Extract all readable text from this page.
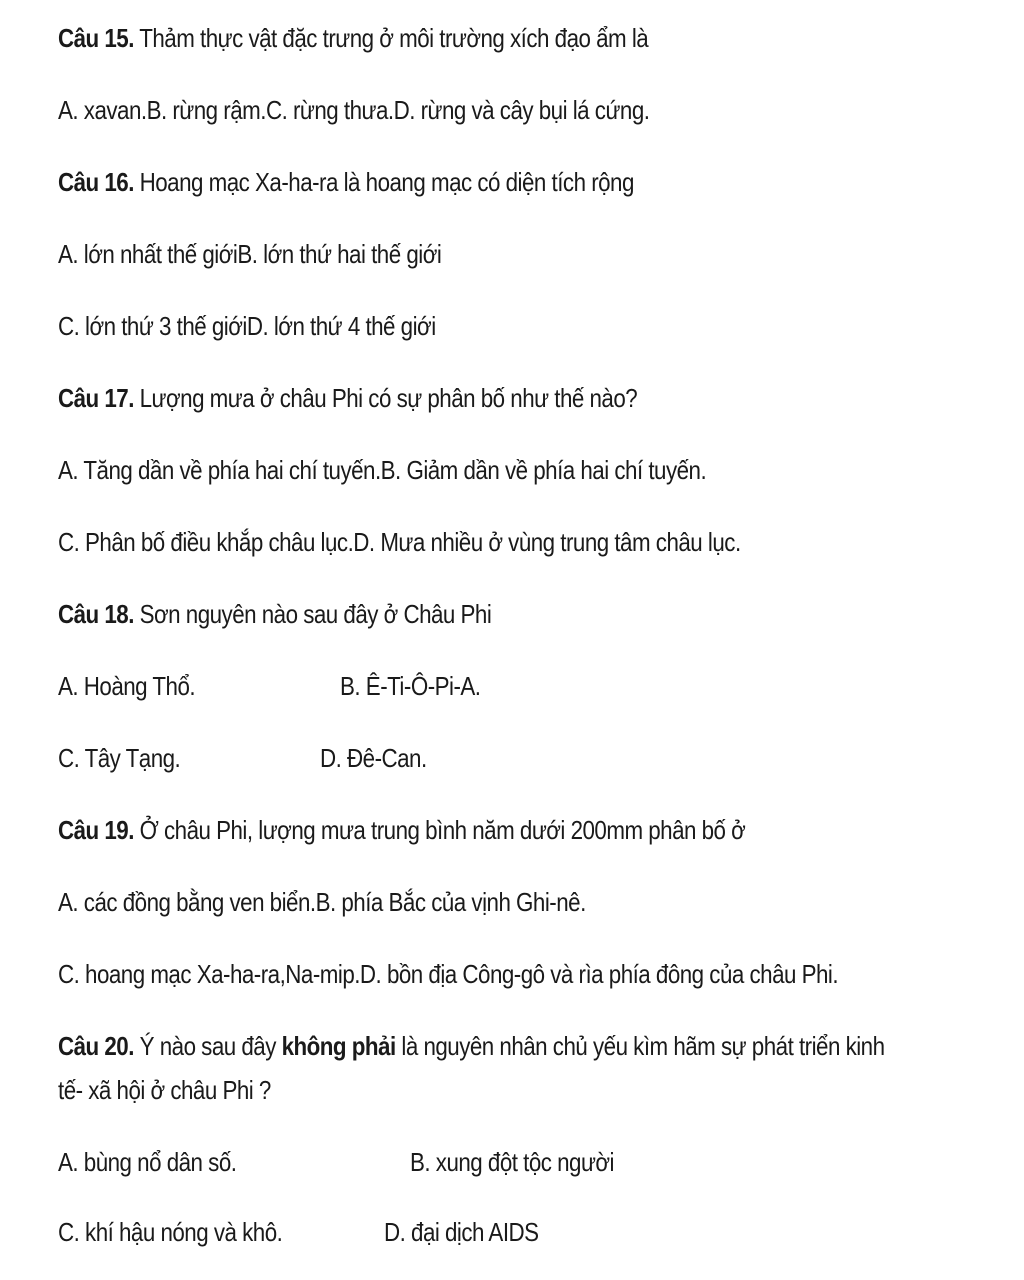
Câu 15. Thảm thực vật đặc trưng ở môi trường xích đạo ẩm là
A. xavan.B. rừng rậm.C. rừng thưa.D. rừng và cây bụi lá cứng.
Câu 16. Hoang mạc Xa-ha-ra là hoang mạc có diện tích rộng
A. lớn nhất thế giớiB. lớn thứ hai thế giới
C. lớn thứ 3 thế giớiD. lớn thứ 4 thế giới
Câu 17. Lượng mưa ở châu Phi có sự phân bố như thế nào?
A. Tăng dần về phía hai chí tuyến.B. Giảm dần về phía hai chí tuyến.
C. Phân bố điều khắp châu lục.D. Mưa nhiều ở vùng trung tâm châu lục.
Câu 18. Sơn nguyên nào sau đây ở Châu Phi
A. Hoàng Thổ.	B. Ê-Ti-Ô-Pi-A.
C. Tây Tạng.	D. Đê-Can.
Câu 19. Ở châu Phi, lượng mưa trung bình năm dưới 200mm phân bố ở
A. các đồng bằng ven biển.B. phía Bắc của vịnh Ghi-nê.
C. hoang mạc Xa-ha-ra,Na-mip.D. bồn địa Công-gô và rìa phía đông của châu Phi.
Câu 20. Ý nào sau đây không phải là nguyên nhân chủ yếu kìm hãm sự phát triển kinh
tế- xã hội ở châu Phi ?
A. bùng nổ dân số.	B. xung đột tộc người
C. khí hậu nóng và khô.	D. đại dịch AIDS
